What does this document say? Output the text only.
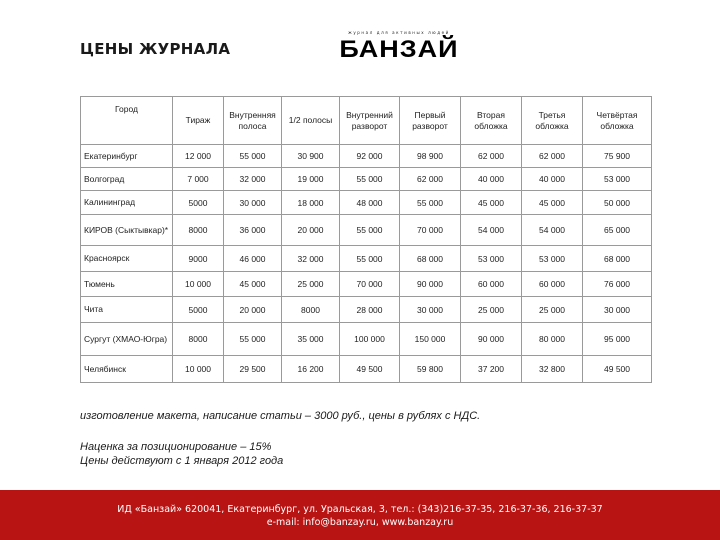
ЦЕНЫ ЖУРНАЛА
журнал для активных людей
БАНЗАЙ
Город	Тираж	Внутренняя полоса	1/2 полосы	Внутренний разворот	Первый разворот	Вторая обложка	Третья обложка	Четвёртая обложка
Екатеринбург	12 000	55 000	30 900	92 000	98 900	62 000	62 000	75 900
Волгоград	7 000	32 000	19 000	55 000	62 000	40 000	40 000	53 000
Калининград	5000	30 000	18 000	48 000	55 000	45 000	45 000	50 000
КИРОВ (Сыктывкар)*	8000	36 000	20 000	55 000	70 000	54 000	54 000	65 000
Красноярск	9000	46 000	32 000	55 000	68 000	53 000	53 000	68 000
Тюмень	10 000	45 000	25 000	70 000	90 000	60 000	60 000	76 000
Чита	5000	20 000	8000	28 000	30 000	25 000	25 000	30 000
Сургут (ХМАО-Югра)	8000	55 000	35 000	100 000	150 000	90 000	80 000	95 000
Челябинск	10 000	29 500	16 200	49 500	59 800	37 200	32 800	49 500
изготовление макета, написание статьи – 3000 руб., цены в рублях с НДС.
Наценка за позиционирование – 15%
Цены действуют с 1 января 2012 года
ИД «Банзай» 620041, Екатеринбург, ул. Уральская, 3, тел.: (343)216-37-35, 216-37-36, 216-37-37
e-mail: info@banzay.ru, www.banzay.ru
